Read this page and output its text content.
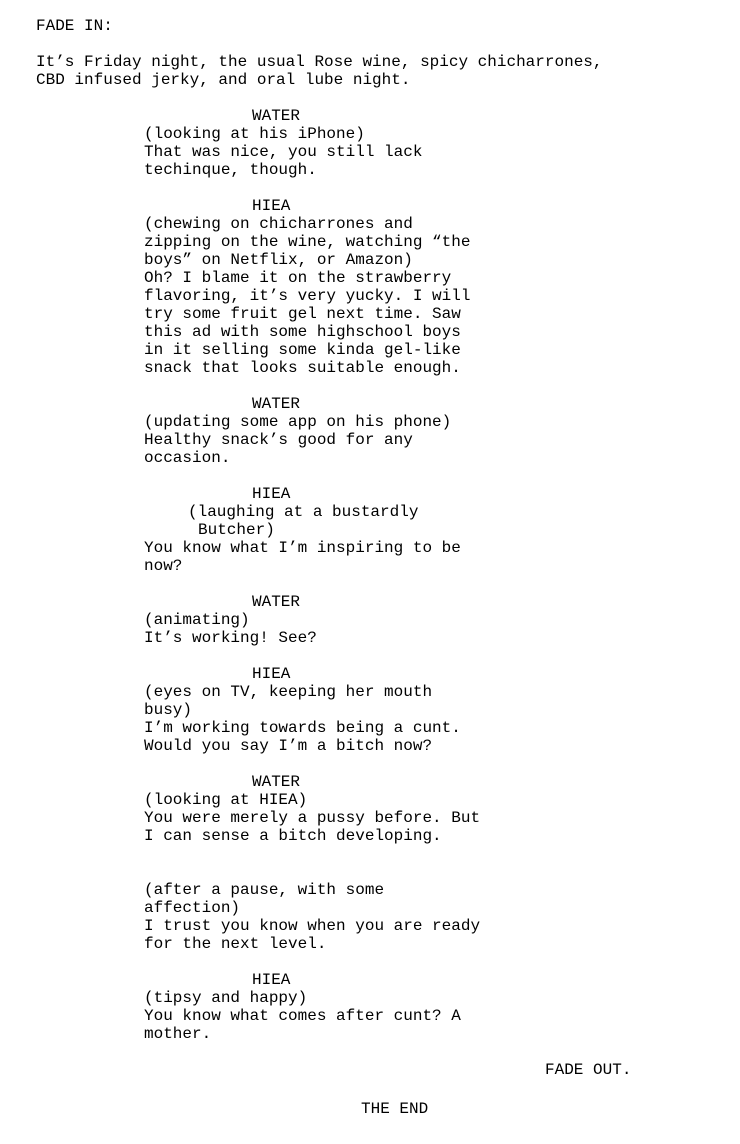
FADE IN:
It’s Friday night, the usual Rose wine, spicy chicharrones,
CBD infused jerky, and oral lube night.
WATER
(looking at his iPhone)
That was nice, you still lack
techinque, though.
HIEA
(chewing on chicharrones and
zipping on the wine, watching “the
boys” on Netflix, or Amazon)
Oh? I blame it on the strawberry
flavoring, it’s very yucky. I will
try some fruit gel next time. Saw
this ad with some highschool boys
in it selling some kinda gel-like
snack that looks suitable enough.
WATER
(updating some app on his phone)
Healthy snack’s good for any
occasion.
HIEA
(laughing at a bustardly
Butcher)
You know what I’m inspiring to be
now?
WATER
(animating)
It’s working! See?
HIEA
(eyes on TV, keeping her mouth
busy)
I’m working towards being a cunt.
Would you say I’m a bitch now?
WATER
(looking at HIEA)
You were merely a pussy before. But
I can sense a bitch developing.
(after a pause, with some
affection)
I trust you know when you are ready
for the next level.
HIEA
(tipsy and happy)
You know what comes after cunt? A
mother.
FADE OUT.
THE END
